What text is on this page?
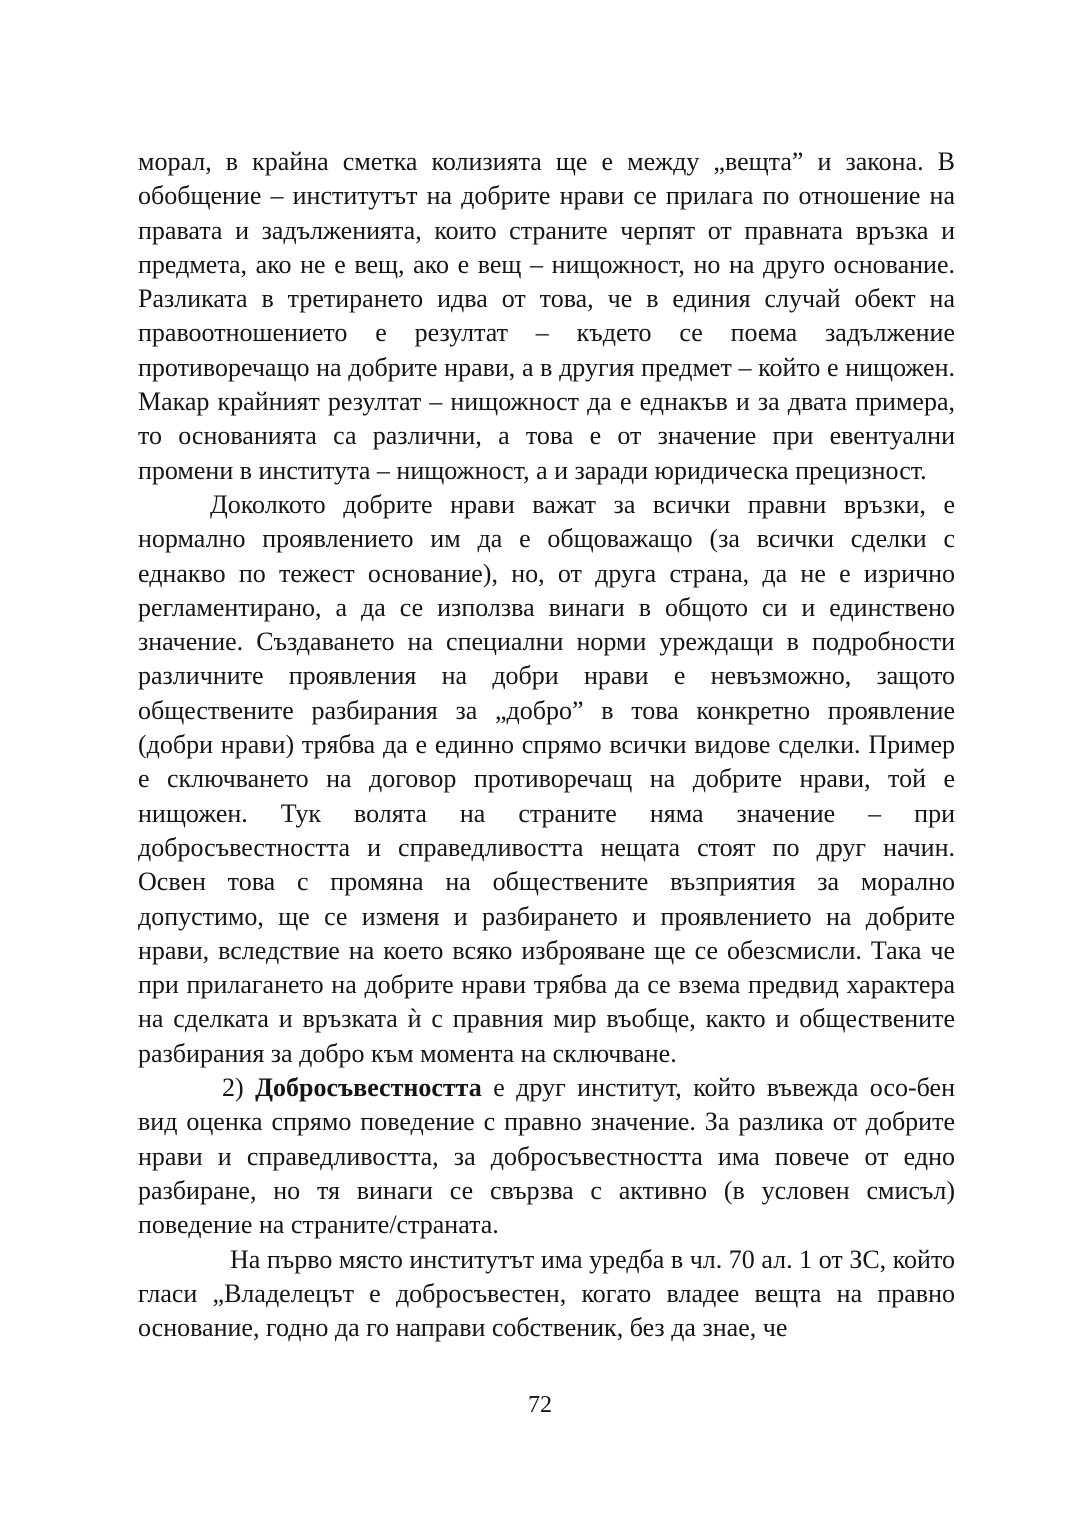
морал, в крайна сметка колизията ще е между „вещта” и закона. В обобщение – институтът на добрите нрави се прилага по отношение на правата и задълженията, които страните черпят от правната връзка и предмета, ако не е вещ, ако е вещ – нищожност, но на друго основание. Разликата в третирането идва от това, че в единия случай обект на правоотношението е резултат – където се поема задължение противоречащо на добрите нрави, а в другия предмет – който е нищожен. Макар крайният резултат – нищожност да е еднакъв и за двата примера, то основанията са различни, а това е от значение при евентуални промени в института – нищожност, а и заради юридическа прецизност.

Доколкото добрите нрави важат за всички правни връзки, е нормално проявлението им да е общоважащо (за всички сделки с еднакво по тежест основание), но, от друга страна, да не е изрично регламентирано, а да се използва винаги в общото си и единствено значение. Създаването на специални норми уреждащи в подробности различните проявления на добри нрави е невъзможно, защото обществените разбирания за „добро” в това конкретно проявление (добри нрави) трябва да е единно спрямо всички видове сделки. Пример е сключването на договор противоречащ на добрите нрави, той е нищожен. Тук волята на страните няма значение – при добросъвестността и справедливостта нещата стоят по друг начин. Освен това с промяна на обществените възприятия за морално допустимо, ще се изменя и разбирането и проявлението на добрите нрави, вследствие на което всяко изброяване ще се обезсмисли. Така че при прилагането на добрите нрави трябва да се взема предвид характера на сделката и връзката ѝ с правния мир въобще, както и обществените разбирания за добро към момента на сключване.

2) Добросъвестността е друг институт, който въвежда осо-бен вид оценка спрямо поведение с правно значение. За разлика от добрите нрави и справедливостта, за добросъвестността има повече от едно разбиране, но тя винаги се свързва с активно (в условен смисъл) поведение на страните/страната.

На първо място институтът има уредба в чл. 70 ал. 1 от ЗС, който гласи „Владелецът е добросъвестен, когато владее вещта на правно основание, годно да го направи собственик, без да знае, че

72
